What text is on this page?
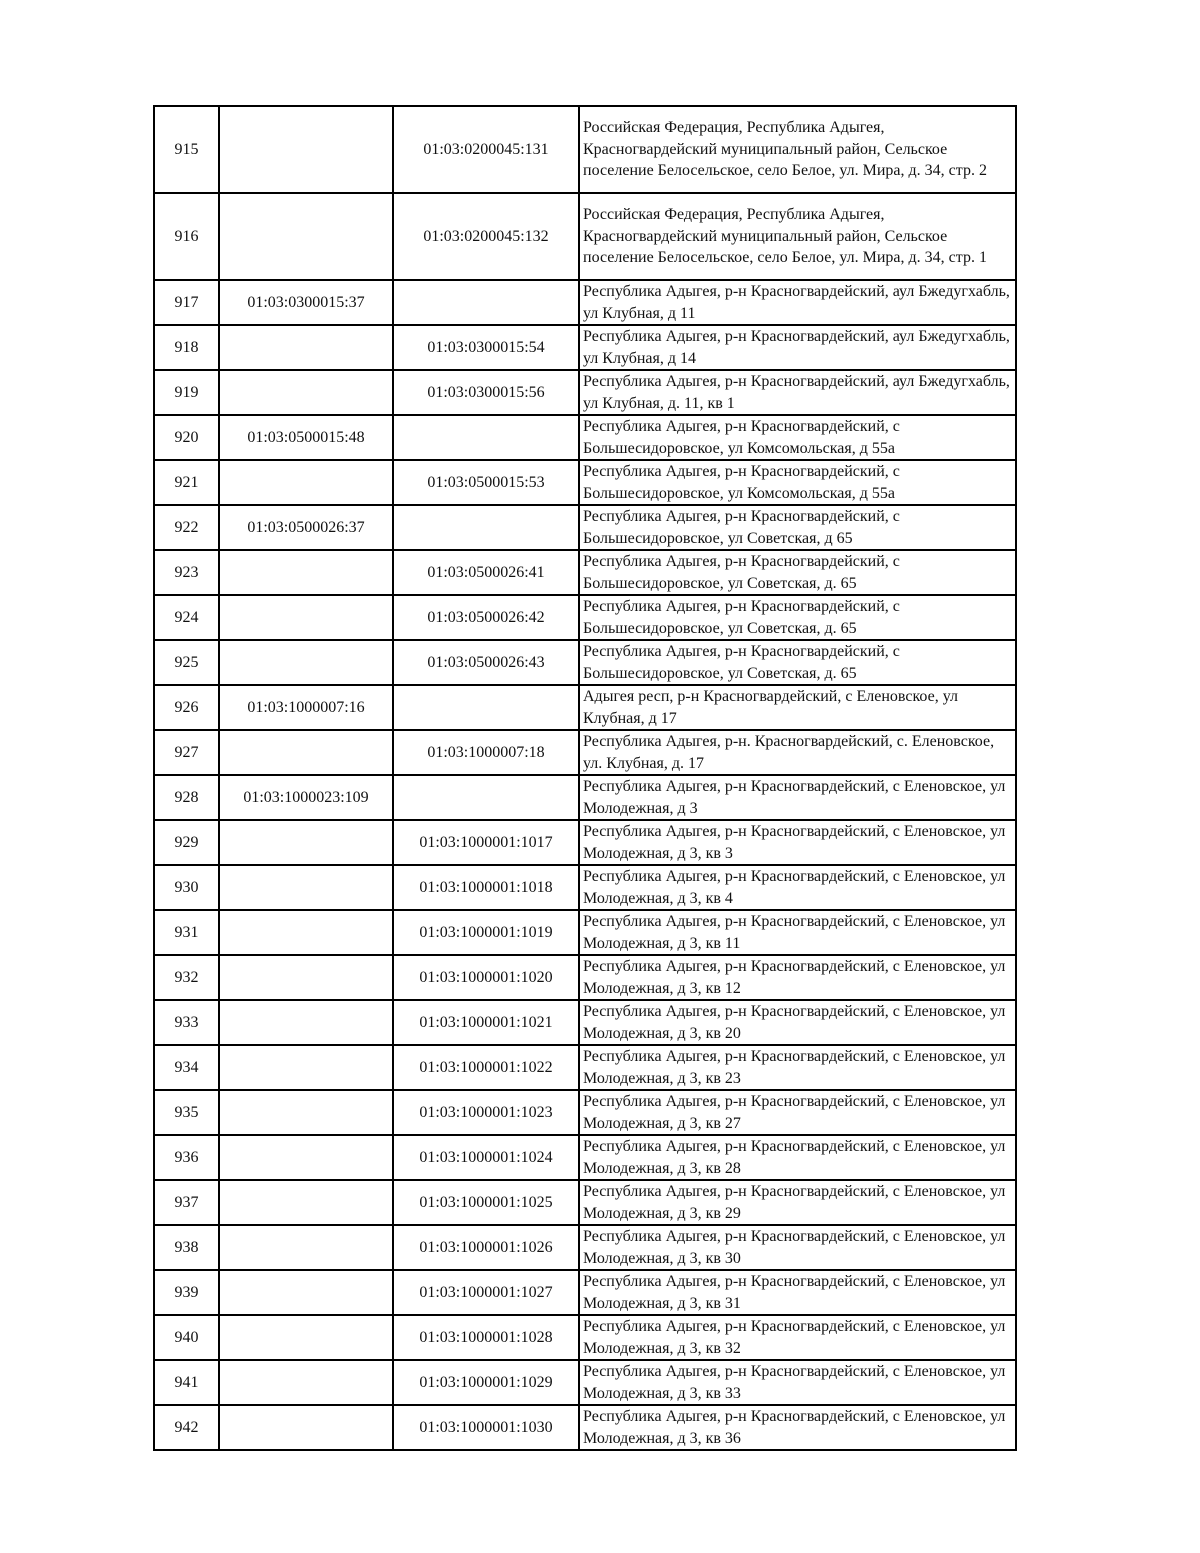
915		01:03:0200045:131	Российская Федерация, Республика Адыгея, Красногвардейский муниципальный район, Сельское поселение Белосельское, село Белое, ул. Мира, д. 34, стр. 2
916		01:03:0200045:132	Российская Федерация, Республика Адыгея, Красногвардейский муниципальный район, Сельское поселение Белосельское, село Белое, ул. Мира, д. 34, стр. 1
917	01:03:0300015:37		Республика Адыгея, р-н Красногвардейский, аул Бжедугхабль, ул Клубная, д 11
918		01:03:0300015:54	Республика Адыгея, р-н Красногвардейский, аул Бжедугхабль, ул Клубная, д 14
919		01:03:0300015:56	Республика Адыгея, р-н Красногвардейский, аул Бжедугхабль, ул Клубная, д. 11, кв 1
920	01:03:0500015:48		Республика Адыгея, р-н Красногвардейский, с Большесидоровское, ул Комсомольская, д 55а
921		01:03:0500015:53	Республика Адыгея, р-н Красногвардейский, с Большесидоровское, ул Комсомольская, д 55а
922	01:03:0500026:37		Республика Адыгея, р-н Красногвардейский, с Большесидоровское, ул Советская, д 65
923		01:03:0500026:41	Республика Адыгея, р-н Красногвардейский, с Большесидоровское, ул Советская, д. 65
924		01:03:0500026:42	Республика Адыгея, р-н Красногвардейский, с Большесидоровское, ул Советская, д. 65
925		01:03:0500026:43	Республика Адыгея, р-н Красногвардейский, с Большесидоровское, ул Советская, д. 65
926	01:03:1000007:16		Адыгея респ, р-н Красногвардейский, с Еленовское, ул Клубная, д 17
927		01:03:1000007:18	Республика Адыгея, р-н. Красногвардейский, с. Еленовское, ул. Клубная, д. 17
928	01:03:1000023:109		Республика Адыгея, р-н Красногвардейский, с Еленовское, ул Молодежная, д 3
929		01:03:1000001:1017	Республика Адыгея, р-н Красногвардейский, с Еленовское, ул Молодежная, д 3, кв 3
930		01:03:1000001:1018	Республика Адыгея, р-н Красногвардейский, с Еленовское, ул Молодежная, д 3, кв 4
931		01:03:1000001:1019	Республика Адыгея, р-н Красногвардейский, с Еленовское, ул Молодежная, д 3, кв 11
932		01:03:1000001:1020	Республика Адыгея, р-н Красногвардейский, с Еленовское, ул Молодежная, д 3, кв 12
933		01:03:1000001:1021	Республика Адыгея, р-н Красногвардейский, с Еленовское, ул Молодежная, д 3, кв 20
934		01:03:1000001:1022	Республика Адыгея, р-н Красногвардейский, с Еленовское, ул Молодежная, д 3, кв 23
935		01:03:1000001:1023	Республика Адыгея, р-н Красногвардейский, с Еленовское, ул Молодежная, д 3, кв 27
936		01:03:1000001:1024	Республика Адыгея, р-н Красногвардейский, с Еленовское, ул Молодежная, д 3, кв 28
937		01:03:1000001:1025	Республика Адыгея, р-н Красногвардейский, с Еленовское, ул Молодежная, д 3, кв 29
938		01:03:1000001:1026	Республика Адыгея, р-н Красногвардейский, с Еленовское, ул Молодежная, д 3, кв 30
939		01:03:1000001:1027	Республика Адыгея, р-н Красногвардейский, с Еленовское, ул Молодежная, д 3, кв 31
940		01:03:1000001:1028	Республика Адыгея, р-н Красногвардейский, с Еленовское, ул Молодежная, д 3, кв 32
941		01:03:1000001:1029	Республика Адыгея, р-н Красногвардейский, с Еленовское, ул Молодежная, д 3, кв 33
942		01:03:1000001:1030	Республика Адыгея, р-н Красногвардейский, с Еленовское, ул Молодежная, д 3, кв 36
